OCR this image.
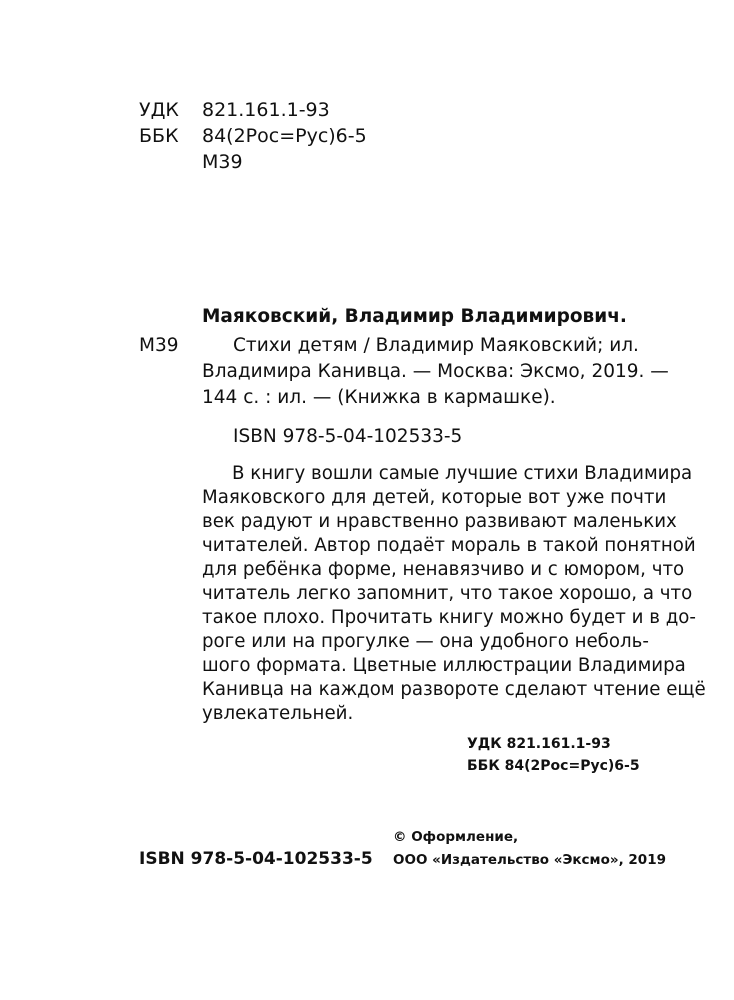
УДК 821.161.1-93
ББК 84(2Рос=Рус)6-5
М39
Маяковский, Владимир Владимирович.
М39	Стихи детям / Владимир Маяковский; ил.
Владимира Канивца. — Москва: Эксмо, 2019. —
144 с. : ил. — (Книжка в кармашке).
ISBN 978-5-04-102533-5
В книгу вошли самые лучшие стихи Владимира
Маяковского для детей, которые вот уже почти
век радуют и нравственно развивают маленьких
читателей. Автор подаёт мораль в такой понятной
для ребёнка форме, ненавязчиво и с юмором, что
читатель легко запомнит, что такое хорошо, а что
такое плохо. Прочитать книгу можно будет и в до-
роге или на прогулке — она удобного неболь-
шого формата. Цветные иллюстрации Владимира
Канивца на каждом развороте сделают чтение ещё
увлекательней.
УДК 821.161.1-93
ББК 84(2Рос=Рус)6-5
ISBN 978-5-04-102533-5
© Оформление,
ООО «Издательство «Эксмо», 2019
